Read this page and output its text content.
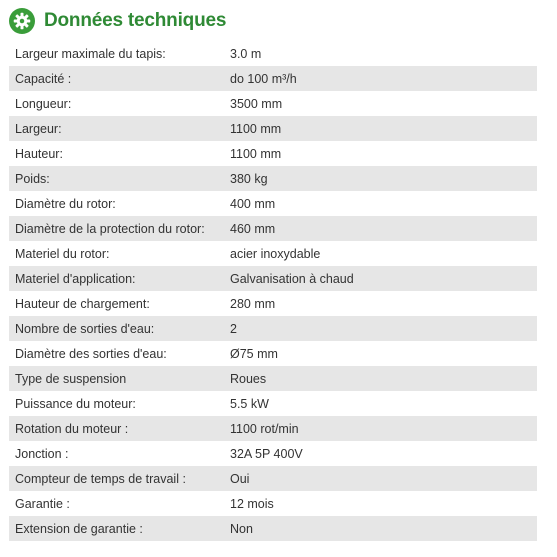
Données techniques
Largeur maximale du tapis:	3.0 m
Capacité :	do 100 m³/h
Longueur:	3500 mm
Largeur:	1100 mm
Hauteur:	1100 mm
Poids:	380 kg
Diamètre du rotor:	400 mm
Diamètre de la protection du rotor:	460 mm
Materiel du rotor:	acier inoxydable
Materiel d'application:	Galvanisation à chaud
Hauteur de chargement:	280 mm
Nombre de sorties d'eau:	2
Diamètre des sorties d'eau:	Ø75 mm
Type de suspension	Roues
Puissance du moteur:	5.5 kW
Rotation du moteur :	1100 rot/min
Jonction :	32A 5P 400V
Compteur de temps de travail :	Oui
Garantie :	12 mois
Extension de garantie :	Non
